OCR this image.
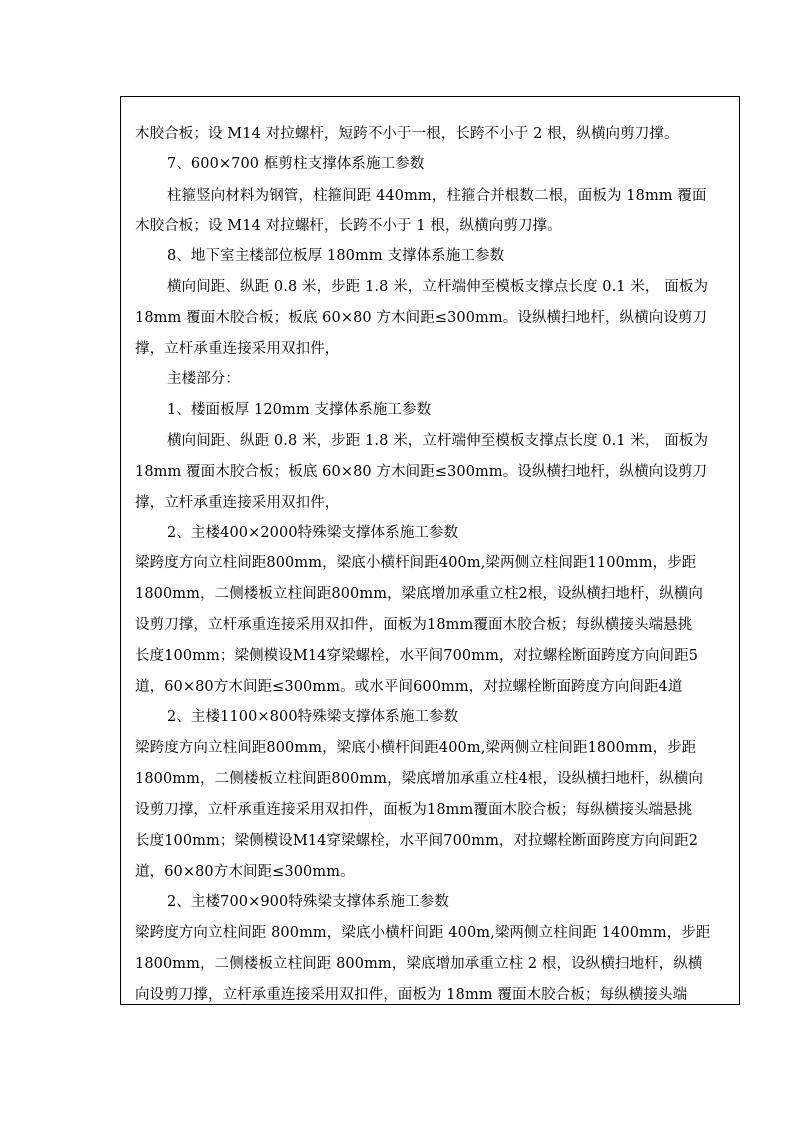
木胶合板；设 M14 对拉螺杆，短跨不小于一根，长跨不小于 2 根，纵横向剪刀撑。
7、600×700 框剪柱支撑体系施工参数
柱箍竖向材料为钢管，柱箍间距 440mm，柱箍合并根数二根，面板为 18mm 覆面
木胶合板；设 M14 对拉螺杆，长跨不小于 1 根，纵横向剪刀撑。
8、地下室主楼部位板厚 180mm 支撑体系施工参数
横向间距、纵距 0.8 米，步距 1.8 米，立杆端伸至模板支撑点长度 0.1 米， 面板为
18mm 覆面木胶合板；板底 60×80 方木间距≤300mm。设纵横扫地杆，纵横向设剪刀
撑，立杆承重连接采用双扣件，
主楼部分：
1、楼面板厚 120mm 支撑体系施工参数
横向间距、纵距 0.8 米，步距 1.8 米，立杆端伸至模板支撑点长度 0.1 米， 面板为
18mm 覆面木胶合板；板底 60×80 方木间距≤300mm。设纵横扫地杆，纵横向设剪刀
撑，立杆承重连接采用双扣件，
2、主楼400×2000特殊梁支撑体系施工参数
梁跨度方向立柱间距800mm，梁底小横杆间距400m,梁两侧立柱间距1100mm，步距
1800mm，二侧楼板立柱间距800mm，梁底增加承重立柱2根，设纵横扫地杆，纵横向
设剪刀撑，立杆承重连接采用双扣件，面板为18mm覆面木胶合板；每纵横接头端悬挑
长度100mm；梁侧模设M14穿梁螺栓，水平间700mm，对拉螺栓断面跨度方向间距5
道，60×80方木间距≤300mm。或水平间600mm，对拉螺栓断面跨度方向间距4道
2、主楼1100×800特殊梁支撑体系施工参数
梁跨度方向立柱间距800mm，梁底小横杆间距400m,梁两侧立柱间距1800mm，步距
1800mm，二侧楼板立柱间距800mm，梁底增加承重立柱4根，设纵横扫地杆，纵横向
设剪刀撑，立杆承重连接采用双扣件，面板为18mm覆面木胶合板；每纵横接头端悬挑
长度100mm；梁侧模设M14穿梁螺栓，水平间700mm，对拉螺栓断面跨度方向间距2
道，60×80方木间距≤300mm。
2、主楼700×900特殊梁支撑体系施工参数
梁跨度方向立柱间距 800mm，梁底小横杆间距 400m,梁两侧立柱间距 1400mm，步距
1800mm，二侧楼板立柱间距 800mm，梁底增加承重立柱 2 根，设纵横扫地杆，纵横
向设剪刀撑，立杆承重连接采用双扣件，面板为 18mm 覆面木胶合板；每纵横接头端
